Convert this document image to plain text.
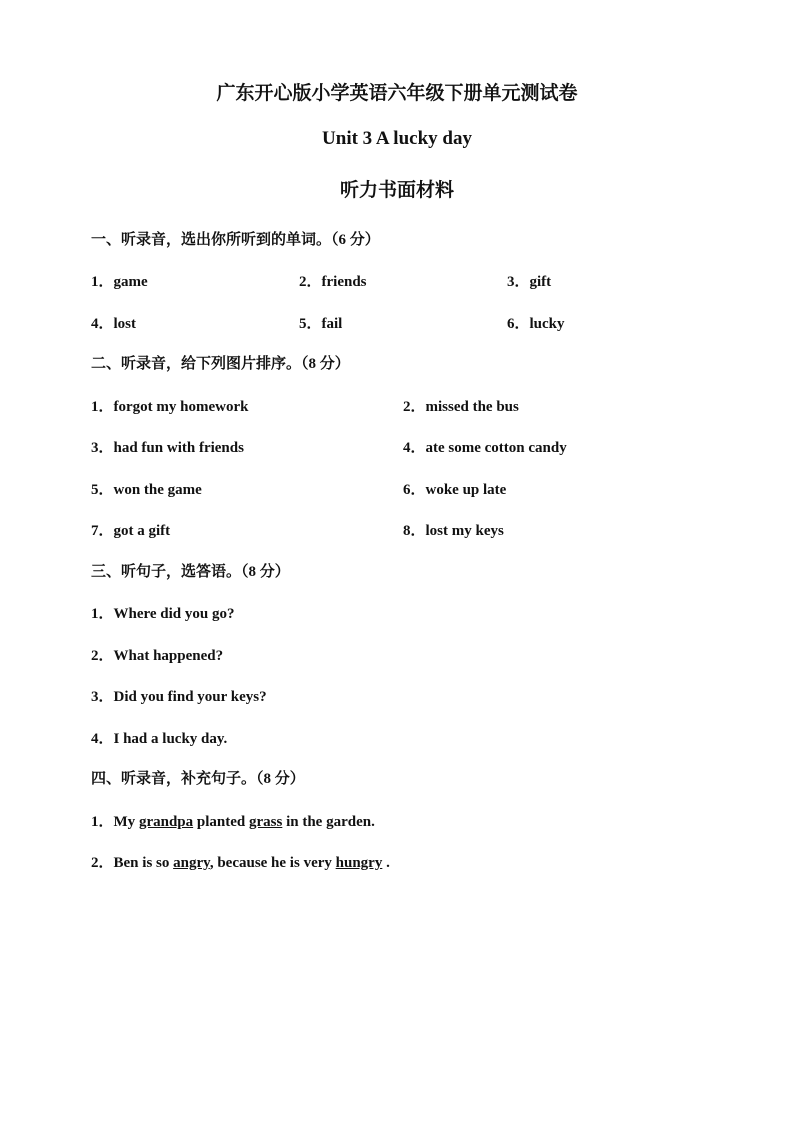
广东开心版小学英语六年级下册单元测试卷
Unit 3 A lucky day
听力书面材料

一、听录音，选出你所听到的单词。（6 分）

1．game	2．friends	3．gift
4．lost	5．fail	6．lucky

二、听录音，给下列图片排序。（8 分）

1．forgot my homework	2．missed the bus
3．had fun with friends	4．ate some cotton candy
5．won the game	6．woke up late
7．got a gift	8．lost my keys

三、听句子，选答语。（8 分）

1．Where did you go?
2．What happened?
3．Did you find your keys?
4．I had a lucky day.

四、听录音，补充句子。（8 分）

1．My grandpa planted grass in the garden.
2．Ben is so angry, because he is very hungry .
